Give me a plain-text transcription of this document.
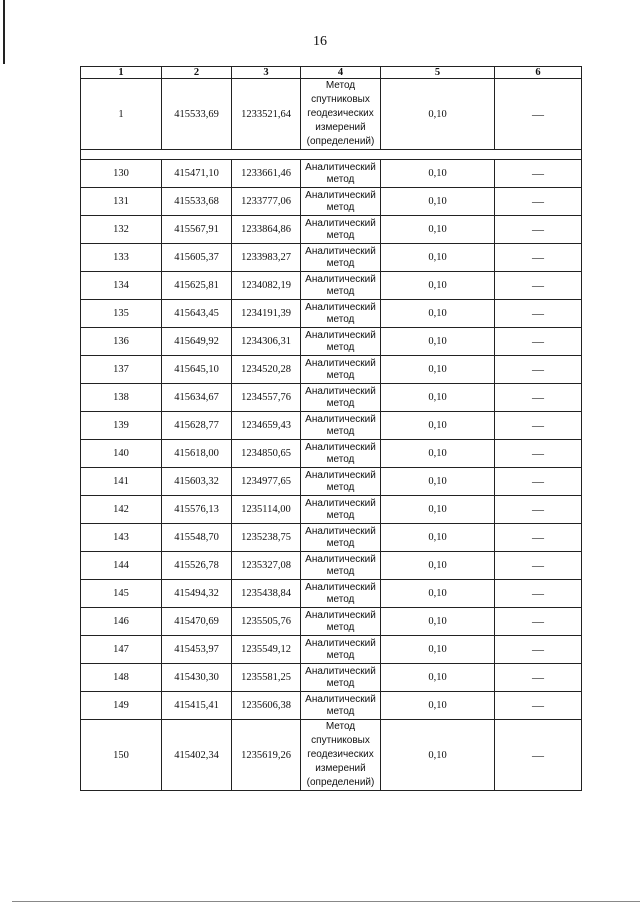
16
1	2	3	4	5	6
1	415533,69	1233521,64	Метод спутниковых геодезических измерений (определений)	0,10	—

130	415471,10	1233661,46	Аналитический метод	0,10	—
131	415533,68	1233777,06	Аналитический метод	0,10	—
132	415567,91	1233864,86	Аналитический метод	0,10	—
133	415605,37	1233983,27	Аналитический метод	0,10	—
134	415625,81	1234082,19	Аналитический метод	0,10	—
135	415643,45	1234191,39	Аналитический метод	0,10	—
136	415649,92	1234306,31	Аналитический метод	0,10	—
137	415645,10	1234520,28	Аналитический метод	0,10	—
138	415634,67	1234557,76	Аналитический метод	0,10	—
139	415628,77	1234659,43	Аналитический метод	0,10	—
140	415618,00	1234850,65	Аналитический метод	0,10	—
141	415603,32	1234977,65	Аналитический метод	0,10	—
142	415576,13	1235114,00	Аналитический метод	0,10	—
143	415548,70	1235238,75	Аналитический метод	0,10	—
144	415526,78	1235327,08	Аналитический метод	0,10	—
145	415494,32	1235438,84	Аналитический метод	0,10	—
146	415470,69	1235505,76	Аналитический метод	0,10	—
147	415453,97	1235549,12	Аналитический метод	0,10	—
148	415430,30	1235581,25	Аналитический метод	0,10	—
149	415415,41	1235606,38	Аналитический метод	0,10	—
150	415402,34	1235619,26	Метод спутниковых геодезических измерений (определений)	0,10	—
